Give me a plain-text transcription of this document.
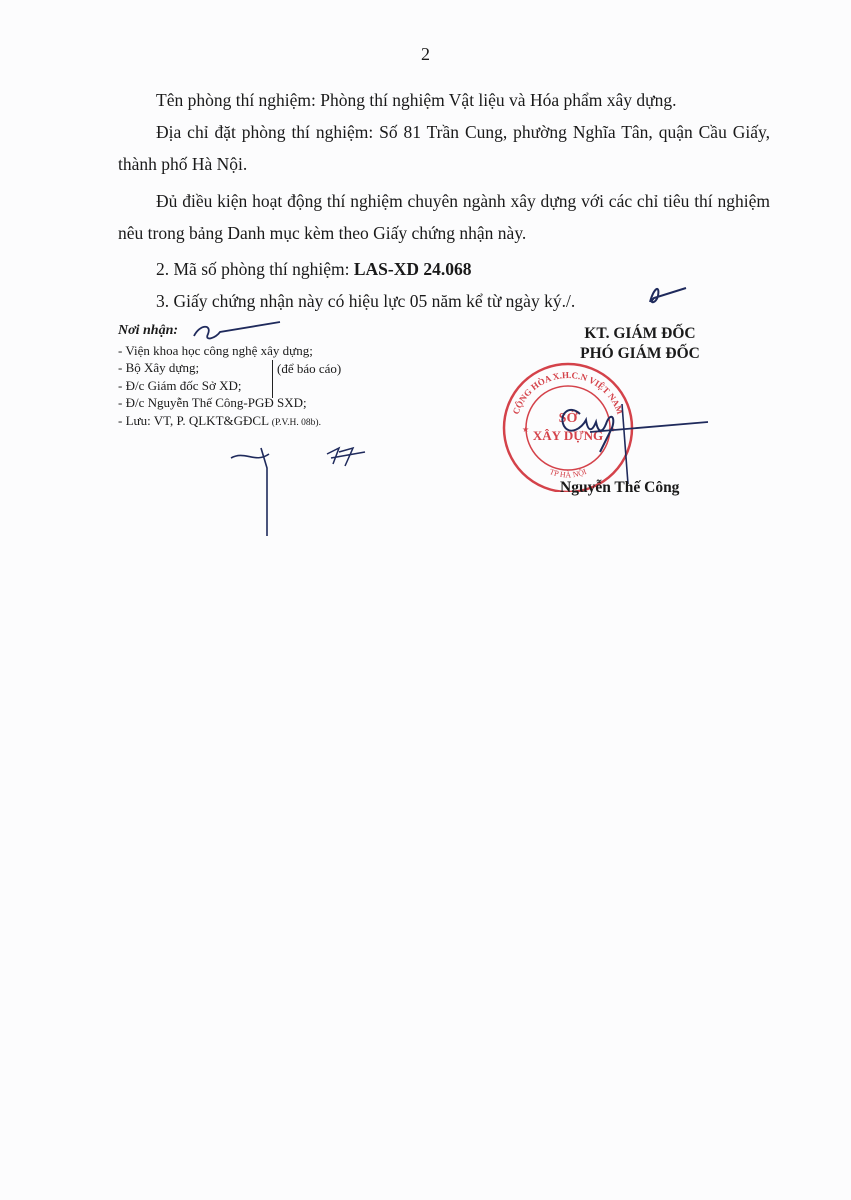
2

Tên phòng thí nghiệm: Phòng thí nghiệm Vật liệu và Hóa phẩm xây dựng.

Địa chỉ đặt phòng thí nghiệm: Số 81 Trần Cung, phường Nghĩa Tân, quận Cầu Giấy, thành phố Hà Nội.

Đủ điều kiện hoạt động thí nghiệm chuyên ngành xây dựng với các chỉ tiêu thí nghiệm nêu trong bảng Danh mục kèm theo Giấy chứng nhận này.

2. Mã số phòng thí nghiệm: LAS-XD 24.068

3. Giấy chứng nhận này có hiệu lực 05 năm kể từ ngày ký./.

Nơi nhận:
- Viện khoa học công nghệ xây dựng;
- Bộ Xây dựng;
- Đ/c Giám đốc Sở XD;
- Đ/c Nguyễn Thế Công-PGĐ SXD;
- Lưu: VT, P. QLKT&GĐCL (P.V.H. 08b).
(để báo cáo)
KT. GIÁM ĐỐC
PHÓ GIÁM ĐỐC
CỘNG HÒA X.H.C.N VIỆT NAM
TP HÀ NỘI
SỞ
XÂY DỰNG
★	★
Nguyễn Thế Công
